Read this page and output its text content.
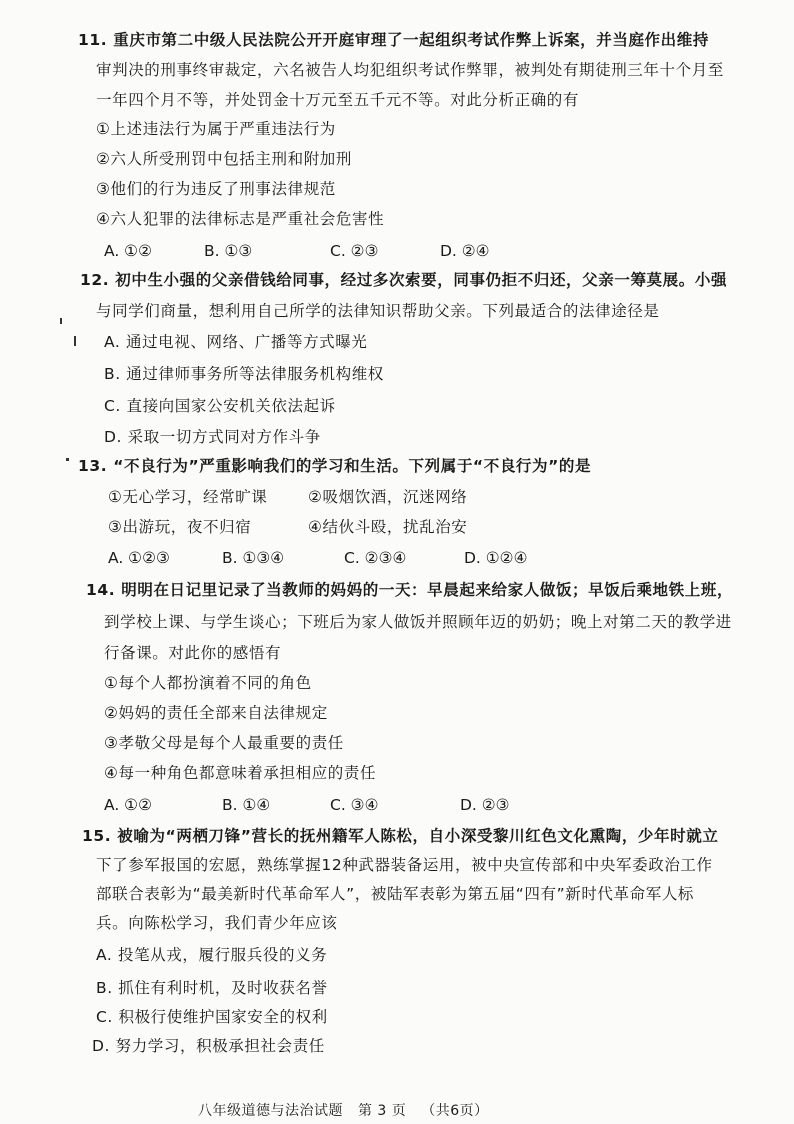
11. 重庆市第二中级人民法院公开开庭审理了一起组织考试作弊上诉案，并当庭作出维持
审判决的刑事终审裁定，六名被告人均犯组织考试作弊罪，被判处有期徒刑三年十个月至
一年四个月不等，并处罚金十万元至五千元不等。对此分析正确的有
①上述违法行为属于严重违法行为
②六人所受刑罚中包括主刑和附加刑
③他们的行为违反了刑事法律规范
④六人犯罪的法律标志是严重社会危害性
A. ①②	B. ①③	C. ②③	D. ②④
12. 初中生小强的父亲借钱给同事，经过多次索要，同事仍拒不归还，父亲一筹莫展。小强
与同学们商量，想利用自己所学的法律知识帮助父亲。下列最适合的法律途径是
A. 通过电视、网络、广播等方式曝光
B. 通过律师事务所等法律服务机构维权
C. 直接向国家公安机关依法起诉
D. 采取一切方式同对方作斗争
13. “不良行为”严重影响我们的学习和生活。下列属于“不良行为”的是
①无心学习，经常旷课	②吸烟饮酒，沉迷网络
③出游玩，夜不归宿	④结伙斗殴，扰乱治安
A. ①②③	B. ①③④	C. ②③④	D. ①②④
14. 明明在日记里记录了当教师的妈妈的一天：早晨起来给家人做饭；早饭后乘地铁上班，
到学校上课、与学生谈心；下班后为家人做饭并照顾年迈的奶奶；晚上对第二天的教学进
行备课。对此你的感悟有
①每个人都扮演着不同的角色
②妈妈的责任全部来自法律规定
③孝敬父母是每个人最重要的责任
④每一种角色都意味着承担相应的责任
A. ①②	B. ①④	C. ③④	D. ②③
15. 被喻为“两栖刀锋”营长的抚州籍军人陈松，自小深受黎川红色文化熏陶，少年时就立
下了参军报国的宏愿，熟练掌握12种武器装备运用，被中央宣传部和中央军委政治工作
部联合表彰为“最美新时代革命军人”，被陆军表彰为第五届“四有”新时代革命军人标
兵。向陈松学习，我们青少年应该
A. 投笔从戎，履行服兵役的义务
B. 抓住有利时机，及时收获名誉
C. 积极行使维护国家安全的权利
D. 努力学习，积极承担社会责任
八年级道德与法治试题 第 3 页 （共6页）
